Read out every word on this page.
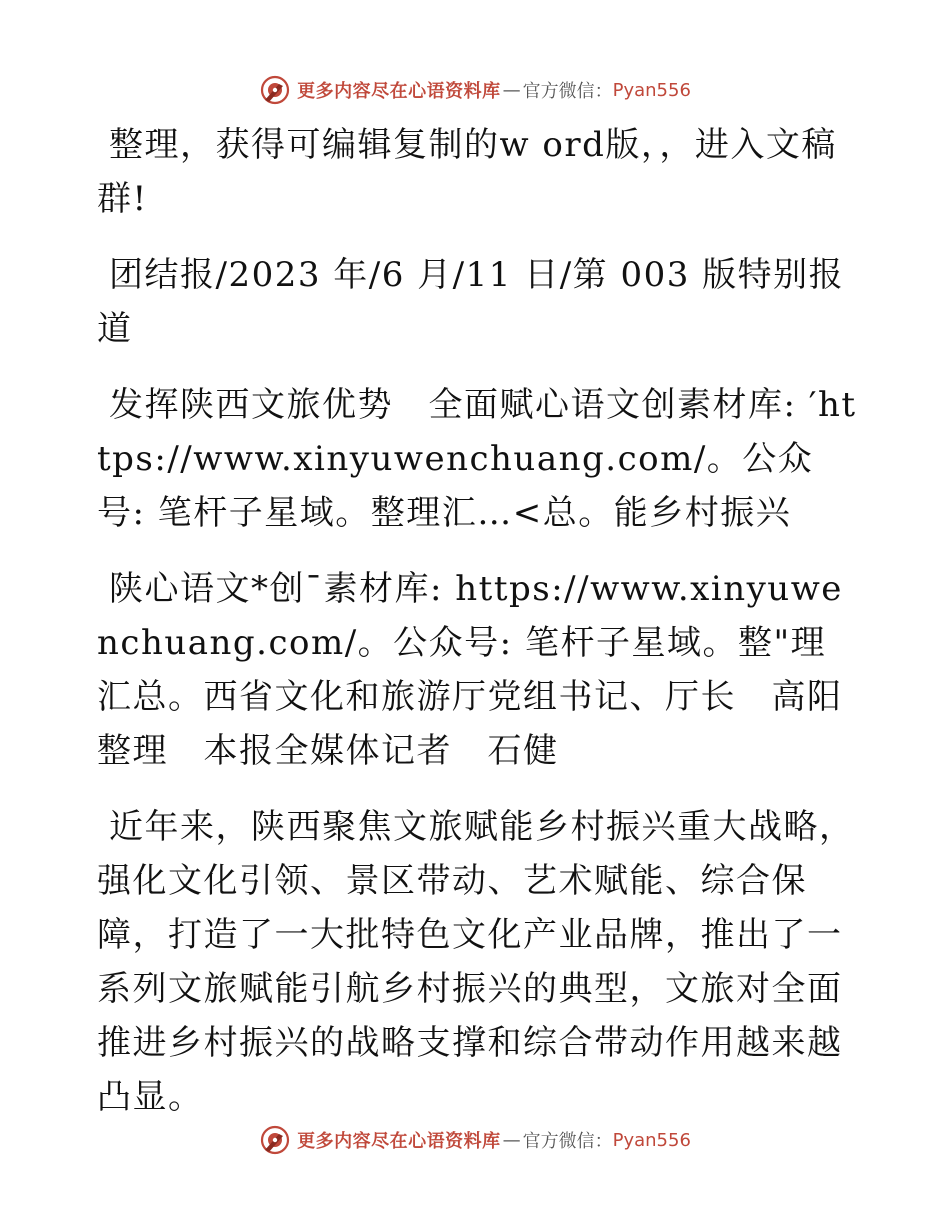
更多内容尽在心语资料库 — 官方微信： Pyan556

整理，获得可编辑复制的w ord版，，进入文稿群!

团结报/2023 年/6 月/11 日/第 003 版特别报道

发挥陕西文旅优势　全面赋心语文创素材库: ′https://www.xinyuwenchuang.com/。公众号: 笔杆子星域。整理汇…<总。能乡村振兴

陕心语文*创¯素材库: https://www.xinyuwenchuang.com/。公众号: 笔杆子星域。整"理汇总。西省文化和旅游厅党组书记、厅长　高阳　整理　本报全媒体记者　石健

近年来，陕西聚焦文旅赋能乡村振兴重大战略，强化文化引领、景区带动、艺术赋能、综合保障，打造了一大批特色文化产业品牌，推出了一系列文旅赋能引航乡村振兴的典型，文旅对全面推进乡村振兴的战略支撑和综合带动作用越来越凸显。

更多内容尽在心语资料库 — 官方微信： Pyan556
